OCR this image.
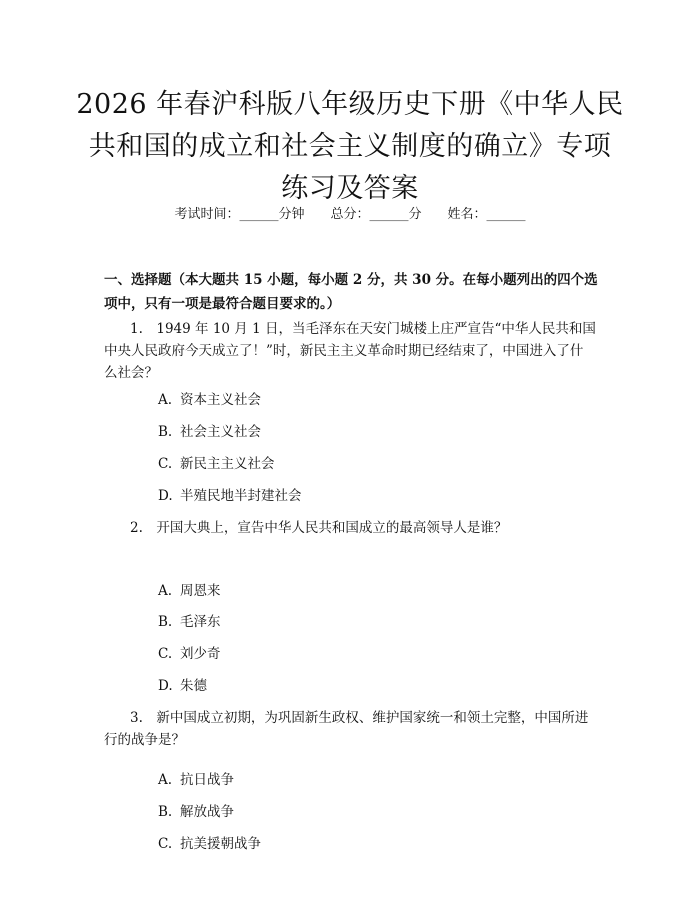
2026 年春沪科版八年级历史下册《中华人民
共和国的成立和社会主义制度的确立》专项
练习及答案
考试时间：______分钟 总分：______分 姓名：______
一、选择题（本大题共 15 小题，每小题 2 分，共 30 分。在每小题列出的四个选
项中，只有一项是最符合题目要求的。）
1.　1949 年 10 月 1 日，当毛泽东在天安门城楼上庄严宣告“中华人民共和国
中央人民政府今天成立了！”时，新民主主义革命时期已经结束了，中国进入了什
么社会？
A. 资本主义社会
B. 社会主义社会
C. 新民主主义社会
D. 半殖民地半封建社会
2.　开国大典上，宣告中华人民共和国成立的最高领导人是谁？
A. 周恩来
B. 毛泽东
C. 刘少奇
D. 朱德
3.　新中国成立初期，为巩固新生政权、维护国家统一和领土完整，中国所进
行的战争是？
A. 抗日战争
B. 解放战争
C. 抗美援朝战争
